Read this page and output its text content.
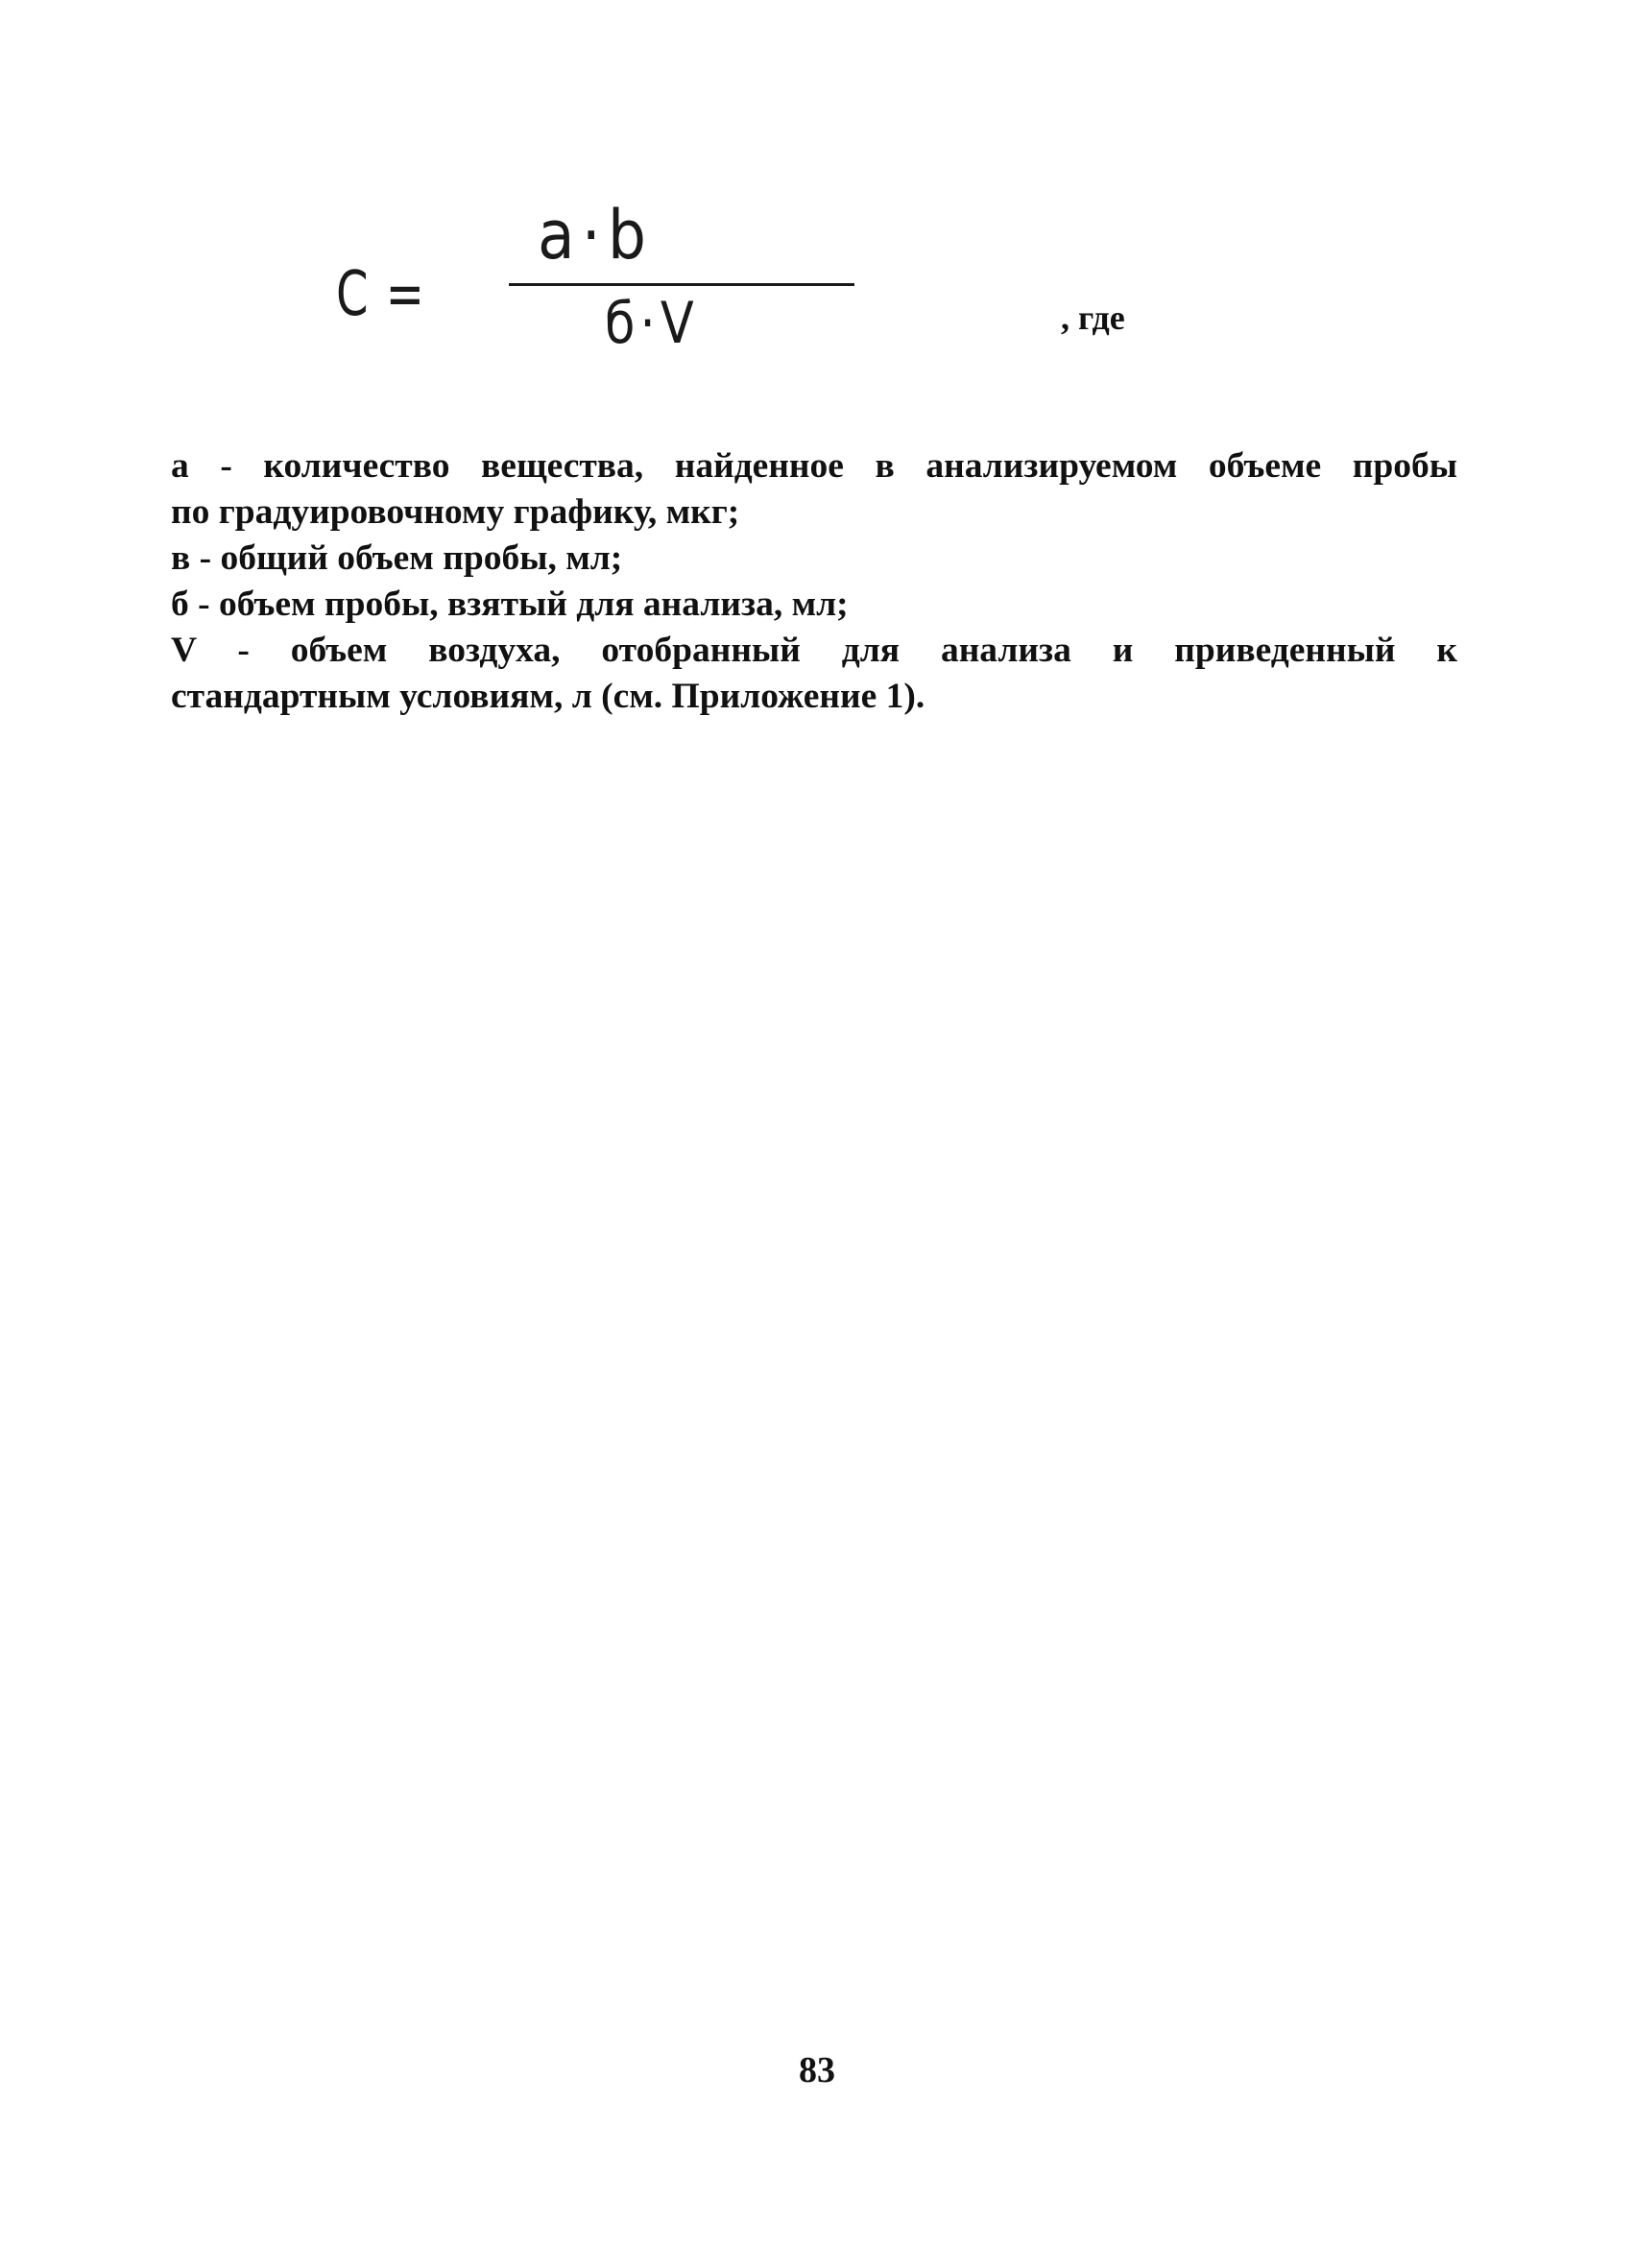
C =
a·b
б·V	, где
а - количество вещества, найденное в анализируемом объеме пробы
по градуировочному графику, мкг;
в - общий объем пробы, мл;
б - объем пробы, взятый для анализа, мл;
V - объем воздуха, отобранный для анализа и приведенный к
стандартным условиям, л (см. Приложение 1).
83
